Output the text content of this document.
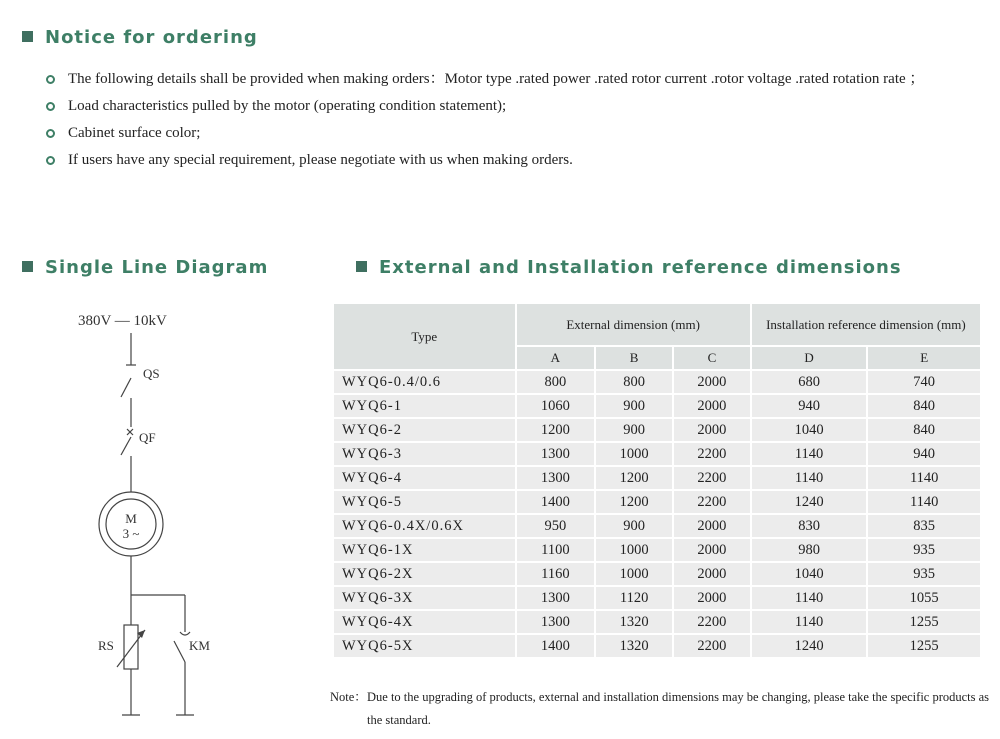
Notice for ordering
The following details shall be provided when making orders：Motor type .rated power .rated rotor current .rotor voltage .rated rotation rate ；
Load characteristics pulled by the motor (operating condition statement);
Cabinet surface color;
If users have any special requirement, please negotiate with us when making orders.
Single Line Diagram
380V — 10kV
QS
QF
M
3 ~
RS	KM
External and Installation reference dimensions
Type	External dimension (mm)			Installation reference dimension (mm)	
	A	B	C	D	E
WYQ6-0.4/0.6	800	800	2000	680	740
WYQ6-1	1060	900	2000	940	840
WYQ6-2	1200	900	2000	1040	840
WYQ6-3	1300	1000	2200	1140	940
WYQ6-4	1300	1200	2200	1140	1140
WYQ6-5	1400	1200	2200	1240	1140
WYQ6-0.4X/0.6X	950	900	2000	830	835
WYQ6-1X	1100	1000	2000	980	935
WYQ6-2X	1160	1000	2000	1040	935
WYQ6-3X	1300	1120	2000	1140	1055
WYQ6-4X	1300	1320	2200	1140	1255
WYQ6-5X	1400	1320	2200	1240	1255
Note： Due to the upgrading of products, external and installation dimensions may be changing, please take the specific products as the standard.
